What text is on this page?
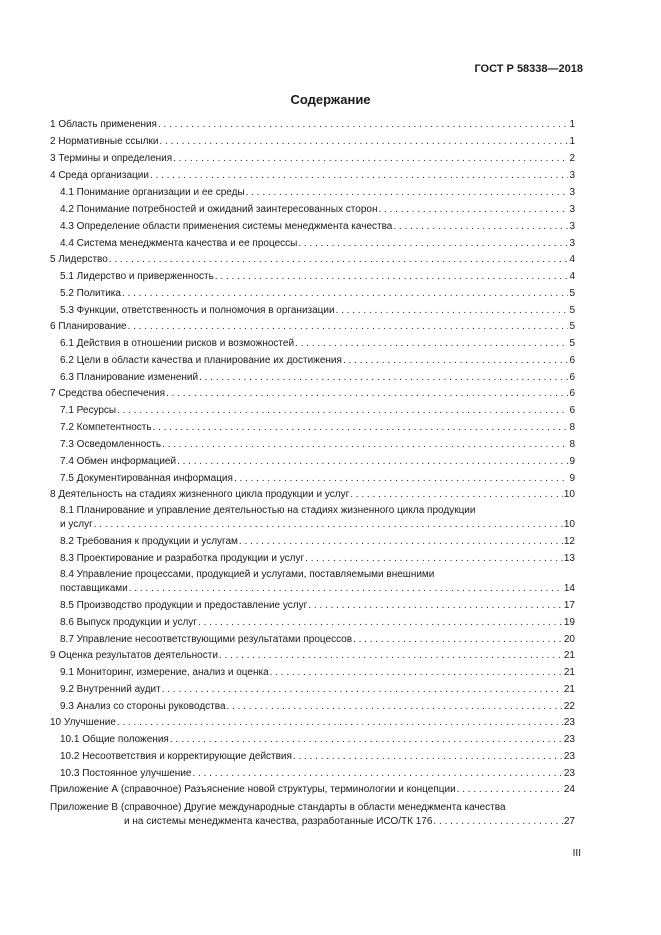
ГОСТ Р 58338—2018
Содержание
1 Область применения . . .	1
2 Нормативные ссылки . . .	1
3 Термины и определения . . .	2
4 Среда организации . . .	3
4.1 Понимание организации и ее среды . . .	3
4.2 Понимание потребностей и ожиданий заинтересованных сторон . . .	3
4.3 Определение области применения системы менеджмента качества . . .	3
4.4 Система менеджмента качества и ее процессы . . .	3
5 Лидерство . . .	4
5.1 Лидерство и приверженность . . .	4
5.2 Политика . . .	5
5.3 Функции, ответственность и полномочия в организации . . .	5
6 Планирование . . .	5
6.1 Действия в отношении рисков и возможностей . . .	5
6.2 Цели в области качества и планирование их достижения . . .	6
6.3 Планирование изменений . . .	6
7 Средства обеспечения . . .	6
7.1 Ресурсы . . .	6
7.2 Компетентность . . .	8
7.3 Осведомленность . . .	8
7.4 Обмен информацией . . .	9
7.5 Документированная информация . . .	9
8 Деятельность на стадиях жизненного цикла продукции и услуг . . .	10
8.1 Планирование и управление деятельностью на стадиях жизненного цикла продукции
и услуг . . .	10
8.2 Требования к продукции и услугам . . .	12
8.3 Проектирование и разработка продукции и услуг . . .	13
8.4 Управление процессами, продукцией и услугами, поставляемыми внешними
поставщиками . . .	14
8.5 Производство продукции и предоставление услуг . . .	17
8.6 Выпуск продукции и услуг . . .	19
8.7 Управление несоответствующими результатами процессов . . .	20
9 Оценка результатов деятельности . . .	21
9.1 Мониторинг, измерение, анализ и оценка . . .	21
9.2 Внутренний аудит . . .	21
9.3 Анализ со стороны руководства . . .	22
10 Улучшение . . .	23
10.1 Общие положения . . .	23
10.2 Несоответствия и корректирующие действия . . .	23
10.3 Постоянное улучшение . . .	23
Приложение А (справочное) Разъяснение новой структуры, терминологии и концепции . . .	24
Приложение В (справочное) Другие международные стандарты в области менеджмента качества
и на системы менеджмента качества, разработанные ИСО/ТК 176 . . .	27
III
